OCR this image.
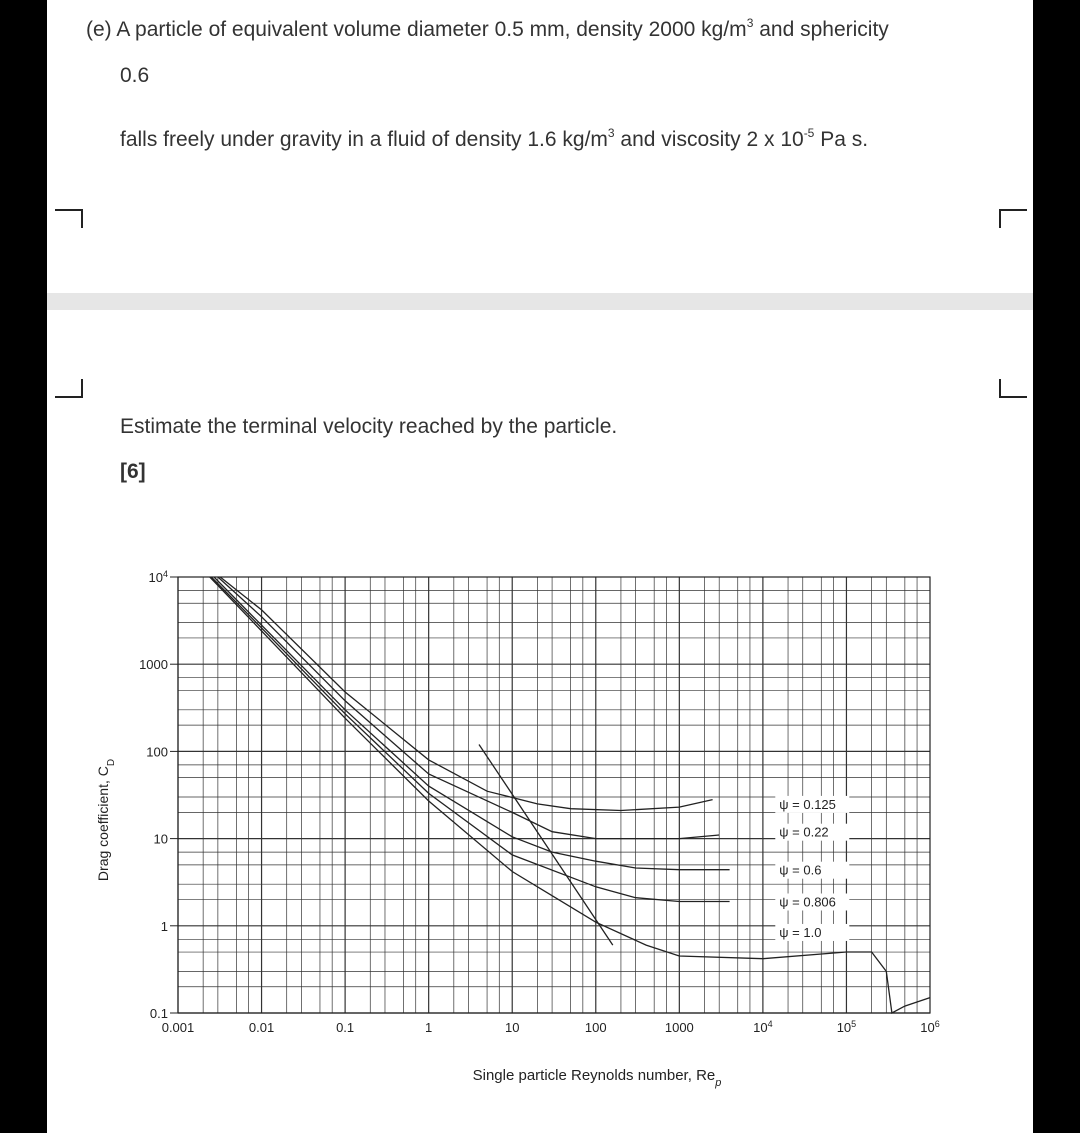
(e) A particle of equivalent volume diameter 0.5 mm, density 2000 $kg/m^3$ and sphericity
0.6
falls freely under gravity in a fluid of density 1.6 $kg/m^3$ and viscosity 2 x $10^{-5}$ Pa s.
Estimate the terminal velocity reached by the particle.
[6]
0.001	0.01	0.1	1	10	100	1000	$10^4$	$10^5$	$10^6$
0.1
1
10
100
1000
$10^4$
ψ = 0.125
ψ = 0.22
ψ = 0.6
ψ = 0.806
ψ = 1.0
Single particle Reynolds number, $Re_p$
Drag coefficient, $C_D$
